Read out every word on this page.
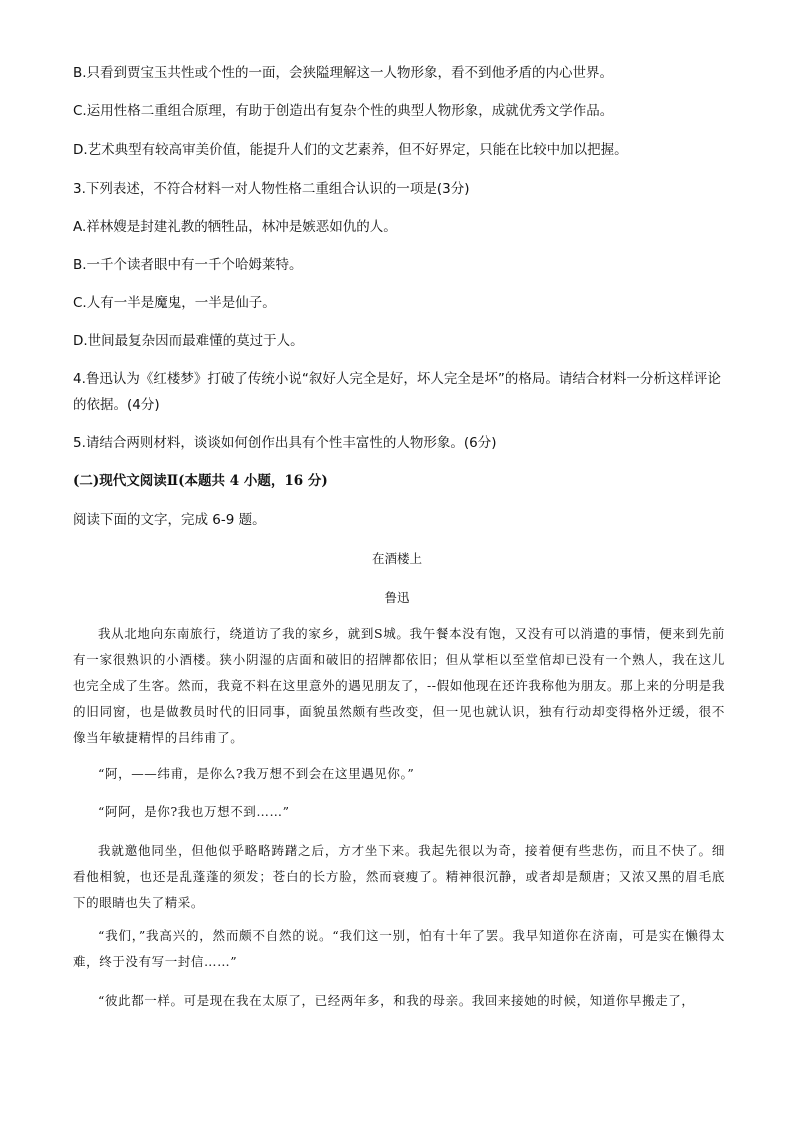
B.只看到贾宝玉共性或个性的一面，会狭隘理解这一人物形象，看不到他矛盾的内心世界。
C.运用性格二重组合原理，有助于创造出有复杂个性的典型人物形象，成就优秀文学作品。
D.艺术典型有较高审美价值，能提升人们的文艺素养，但不好界定，只能在比较中加以把握。
3.下列表述，不符合材料一对人物性格二重组合认识的一项是(3分)
A.祥林嫂是封建礼教的牺牲品，林冲是嫉恶如仇的人。
B.一千个读者眼中有一千个哈姆莱特。
C.人有一半是魔鬼，一半是仙子。
D.世间最复杂因而最难懂的莫过于人。
4.鲁迅认为《红楼梦》打破了传统小说“叙好人完全是好，坏人完全是坏”的格局。请结合材料一分析这样评论的依据。(4分)
5.请结合两则材料，谈谈如何创作出具有个性丰富性的人物形象。(6分)
(二)现代文阅读Ⅱ(本题共 4 小题，16 分)
阅读下面的文字，完成 6-9 题。
在酒楼上
鲁迅
我从北地向东南旅行，绕道访了我的家乡，就到S城。我午餐本没有饱，又没有可以消遣的事情，便来到先前有一家很熟识的小酒楼。狭小阴湿的店面和破旧的招牌都依旧；但从掌柜以至堂倌却已没有一个熟人，我在这儿也完全成了生客。然而，我竟不料在这里意外的遇见朋友了，--假如他现在还许我称他为朋友。那上来的分明是我的旧同窗，也是做教员时代的旧同事，面貌虽然颇有些改变，但一见也就认识，独有行动却变得格外迂缓，很不像当年敏捷精悍的吕纬甫了。
“阿，——纬甫，是你么?我万想不到会在这里遇见你。”
“阿阿，是你?我也万想不到……”
我就邀他同坐，但他似乎略略踌躇之后，方才坐下来。我起先很以为奇，接着便有些悲伤，而且不快了。细看他相貌，也还是乱蓬蓬的须发；苍白的长方脸，然而衰瘦了。精神很沉静，或者却是颓唐；又浓又黑的眉毛底下的眼睛也失了精采。
“我们，”我高兴的，然而颇不自然的说。“我们这一别，怕有十年了罢。我早知道你在济南，可是实在懒得太难，终于没有写一封信……”
“彼此都一样。可是现在我在太原了，已经两年多，和我的母亲。我回来接她的时候，知道你早搬走了，
